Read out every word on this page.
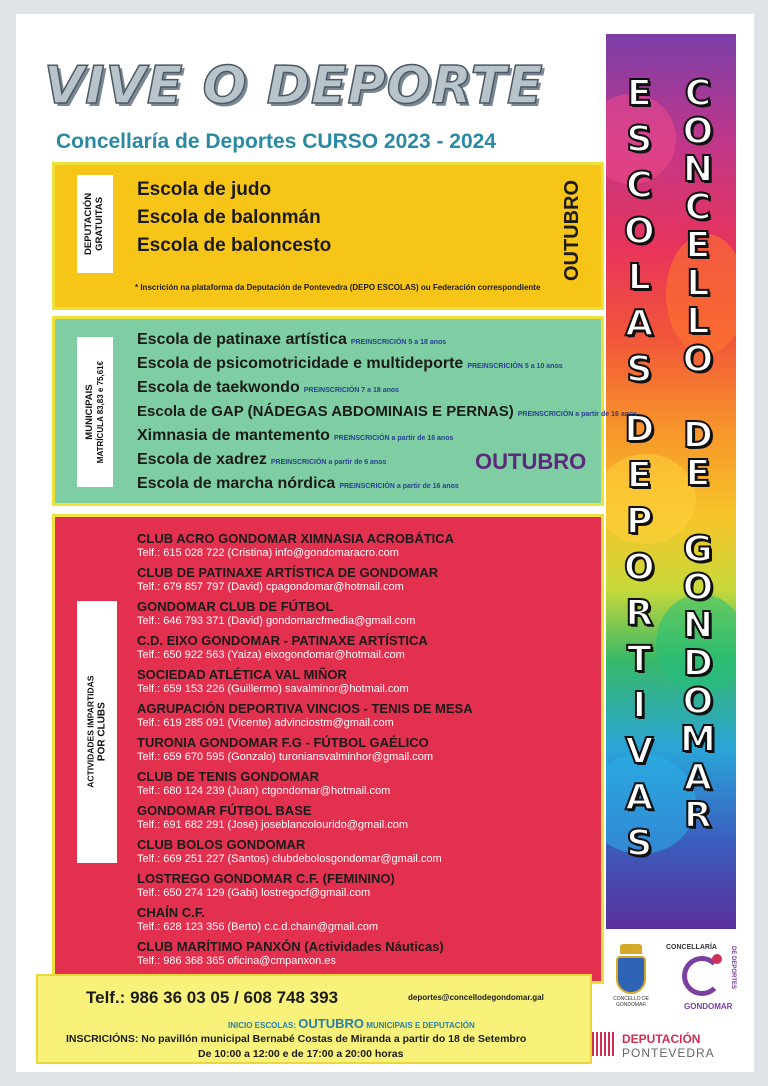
E
S
C
O
L
A
S
D
E
P
O
R
T
I
V
A
S
C
O
N
C
E
L
L
O
D
E
G
O
N
D
O
M
A
R
VIVE O DEPORTE
Concellaría de Deportes CURSO 2023 - 2024
DEPUTACIÓN GRATUITAS
Escola de judo
Escola de balonmán
Escola de baloncesto	OUTUBRO
* Inscrición na plataforma da Deputación de Pontevedra (DEPO ESCOLAS) ou Federación correspondiente
MUNICIPAIS MATRÍCULA 83,83 e 75,61€
Escola de patinaxe artística PREINSCRICIÓN 5 a 18 anos
Escola de psicomotricidade e multideporte PREINSCRICIÓN 5 a 10 anos
Escola de taekwondo PREINSCRICIÓN 7 a 18 anos
Escola de GAP (NÁDEGAS ABDOMINAIS E PERNAS) PREINSCRICIÓN a partir de 16 anos
Ximnasia de mantemento PREINSCRICIÓN a partir de 16 anos
Escola de xadrez PREINSCRICIÓN a partir de 6 anos
Escola de marcha nórdica PREINSCRICIÓN a partir de 16 anos
OUTUBRO
ACTIVIDADES IMPARTIDAS POR CLUBS
CLUB ACRO GONDOMAR XIMNASIA ACROBÁTICA
Telf.: 615 028 722 (Cristina) info@gondomaracro.com
CLUB DE PATINAXE ARTÍSTICA DE GONDOMAR
Telf.: 679 857 797 (David) cpagondomar@hotmail.com
GONDOMAR CLUB DE FÚTBOL
Telf.: 646 793 371 (David) gondomarcfmedia@gmail.com
C.D. EIXO GONDOMAR - PATINAXE ARTÍSTICA
Telf.: 650 922 563 (Yaiza) eixogondomar@hotmail.com
SOCIEDAD ATLÉTICA VAL MIÑOR
Telf.: 659 153 226 (Guillermo) savalminor@hotmail.com
AGRUPACIÓN DEPORTIVA VINCIOS - TENIS DE MESA
Telf.: 619 285 091 (Vicente) advinciostm@gmail.com
TURONIA GONDOMAR F.G - FÚTBOL GAÉLICO
Telf.: 659 670 595 (Gonzalo) turoniansvalminhor@gmail.com
CLUB DE TENIS GONDOMAR
Telf.: 680 124 239 (Juan) ctgondomar@hotmail.com
GONDOMAR FÚTBOL BASE
Telf.: 691 682 291 (José) joseblancolourido@gmail.com
CLUB BOLOS GONDOMAR
Telf.: 669 251 227 (Santos) clubdebolosgondomar@gmail.com
LOSTREGO GONDOMAR C.F. (FEMININO)
Telf.: 650 274 129 (Gabi) lostregocf@gmail.com
CHAÍN C.F.
Telf.: 628 123 356 (Berto) c.c.d.chain@gmail.com
CLUB MARÍTIMO PANXÓN (Actividades Náuticas)
Telf.: 986 368 365 oficina@cmpanxon.es
Telf.: 986 36 03 05 / 608 748 393	deportes@concellodegondomar.gal
INICIO ESCOLAS: OUTUBRO MUNICIPAIS E DEPUTACIÓN
INSCRICIÓNS: No pavillón municipal Bernabé Costas de Miranda a partir do 18 de Setembro
De 10:00 a 12:00 e de 17:00 a 20:00 horas
CONCELLO DE
GONDOMAR
CONCELLARÍA DE DEPORTES
GONDOMAR
DEPUTACIÓN
PONTEVEDRA
